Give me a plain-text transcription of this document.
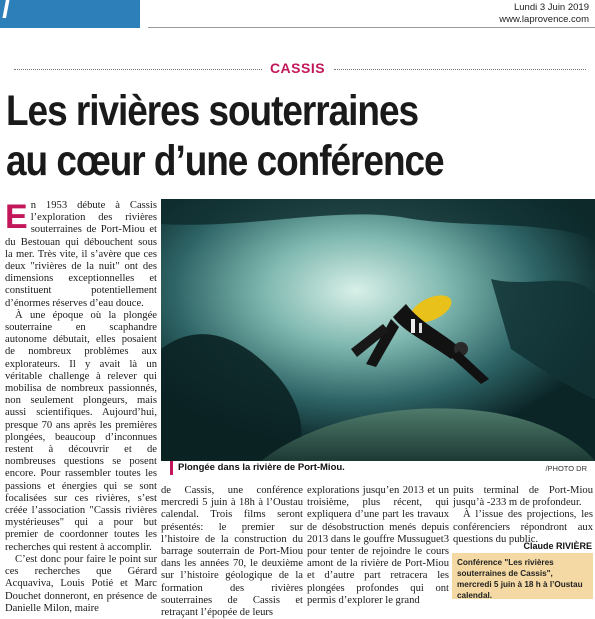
l	Lundi 3 Juin 2019
www.laprovence.com
CASSIS
Les rivières souterraines
au cœur d’une conférence

En 1953 débute à Cassis l’exploration des rivières souterraines de Port-Miou et du Bestouan qui débouchent sous la mer. Très vite, il s’avère que ces deux "rivières de la nuit" ont des dimensions exceptionnelles et constituent potentiellement d’énormes réserves d’eau douce.

À une époque où la plongée souterraine en scaphandre autonome débutait, elles posaient de nombreux problèmes aux explorateurs. Il y avait là un véritable challenge à relever qui mobilisa de nombreux passionnés, non seulement plongeurs, mais aussi scientifiques. Aujourd’hui, presque 70 ans après les premières plongées, beaucoup d’inconnues restent à découvrir et de nombreuses questions se posent encore. Pour rassembler toutes les passions et énergies qui se sont focalisées sur ces rivières, s’est créée l’association "Cassis rivières mystérieuses" qui a pour but premier de coordonner toutes les recherches qui restent à accomplir.

C’est donc pour faire le point sur ces recherches que Gérard Acquaviva, Louis Potié et Marc Douchet donneront, en présence de Danielle Milon, maire

Plongée dans la rivière de Port-Miou.	/PHOTO DR

de Cassis, une conférence mercredi 5 juin à 18h à l’Oustau calendal. Trois films seront présentés: le premier sur l’histoire de la construction du barrage souterrain de Port-Miou dans les années 70, le deuxième sur l’histoire géologique de la formation des rivières souterraines de Cassis et retraçant l’épopée de leurs

explorations jusqu’en 2013 et un troisième, plus récent, qui expliquera d’une part les travaux de désobstruction menés depuis 2013 dans le gouffre Mussuguet3 pour tenter de rejoindre le cours amont de la rivière de Port-Miou et d’autre part retracera les plongées profondes qui ont permis d’explorer le grand

puits terminal de Port-Miou jusqu’à -233 m de profondeur.

À l’issue des projections, les conférenciers répondront aux questions du public.

Claude RIVIÈRE
Conférence "Les rivières souterraines de Cassis", mercredi 5 juin à 18 h à l’Oustau calendal.
